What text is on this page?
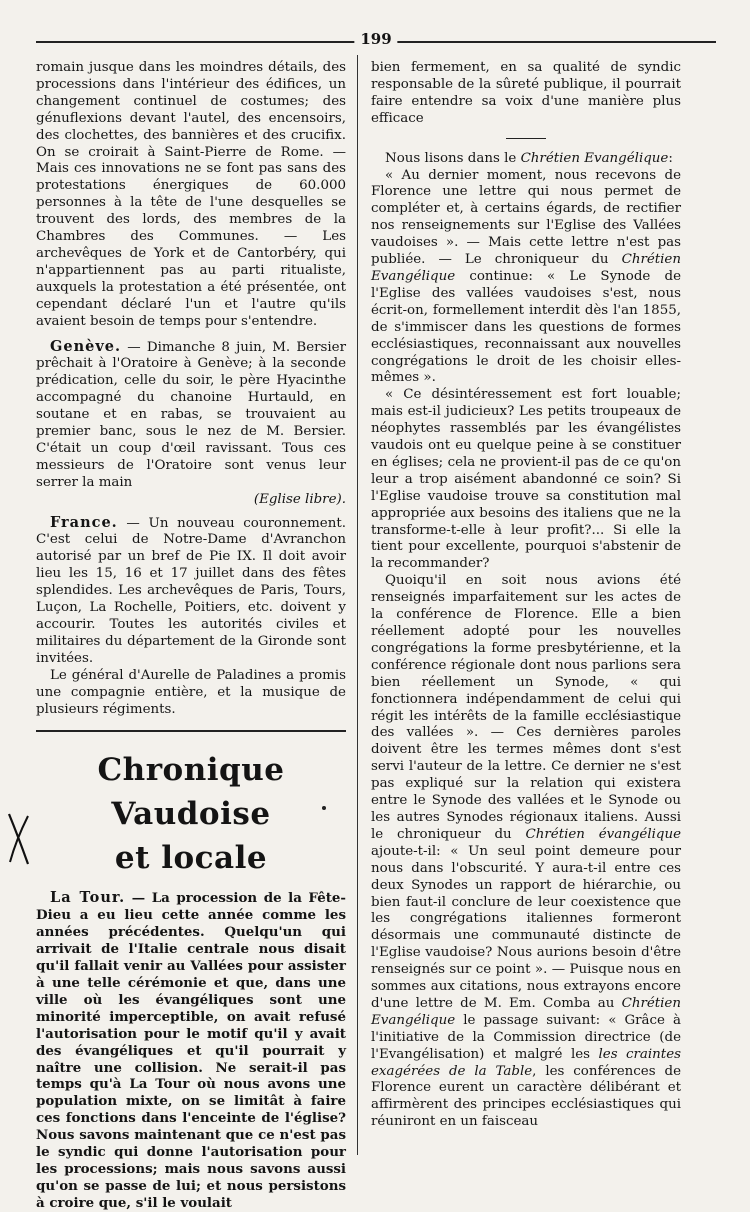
199

romain jusque dans les moindres détails, des processions dans l'intérieur des édifices, un changement continuel de costumes; des génuflexions devant l'autel, des encensoirs, des clochettes, des bannières et des crucifix. On se croirait à Saint-Pierre de Rome. — Mais ces innovations ne se font pas sans des protestations énergiques de 60.000 personnes à la tête de l'une desquelles se trouvent des lords, des membres de la Chambres des Communes. — Les archevêques de York et de Cantorbéry, qui n'appartiennent pas au parti ritualiste, auxquels la protestation a été présentée, ont cependant déclaré l'un et l'autre qu'ils avaient besoin de temps pour s'entendre.

Genève. — Dimanche 8 juin, M. Bersier prêchait à l'Oratoire à Genève; à la seconde prédication, celle du soir, le père Hyacinthe accompagné du chanoine Hurtauld, en soutane et en rabas, se trouvaient au premier banc, sous le nez de M. Bersier. C'était un coup d'œil ravissant. Tous ces messieurs de l'Oratoire sont venus leur serrer la main

(Eglise libre).

France. — Un nouveau couronnement. C'est celui de Notre-Dame d'Avranchon autorisé par un bref de Pie IX. Il doit avoir lieu les 15, 16 et 17 juillet dans des fêtes splendides. Les archevêques de Paris, Tours, Luçon, La Rochelle, Poitiers, etc. doivent y accourir. Toutes les autorités civiles et militaires du département de la Gironde sont invitées.

Le général d'Aurelle de Paladines a promis une compagnie entière, et la musique de plusieurs régiments.

Chronique Vaudoise
et locale

La Tour. — La procession de la Fête-Dieu a eu lieu cette année comme les années précédentes. Quelqu'un qui arrivait de l'Italie centrale nous disait qu'il fallait venir au Vallées pour assister à une telle cérémonie et que, dans une ville où les évangéliques sont une minorité imperceptible, on avait refusé l'autorisation pour le motif qu'il y avait des évangéliques et qu'il pourrait y naître une collision. Ne serait-il pas temps qu'à La Tour où nous avons une population mixte, on se limitât à faire ces fonctions dans l'enceinte de l'église? Nous savons maintenant que ce n'est pas le syndic qui donne l'autorisation pour les processions; mais nous savons aussi qu'on se passe de lui; et nous persistons à croire que, s'il le voulait

bien fermement, en sa qualité de syndic responsable de la sûreté publique, il pourrait faire entendre sa voix d'une manière plus efficace

Nous lisons dans le Chrétien Evangélique:

« Au dernier moment, nous recevons de Florence une lettre qui nous permet de compléter et, à certains égards, de rectifier nos renseignements sur l'Eglise des Vallées vaudoises ». — Mais cette lettre n'est pas publiée. — Le chroniqueur du Chrétien Evangélique continue: « Le Synode de l'Eglise des vallées vaudoises s'est, nous écrit-on, formellement interdit dès l'an 1855, de s'immiscer dans les questions de formes ecclésiastiques, reconnaissant aux nouvelles congrégations le droit de les choisir elles-mêmes ».

« Ce désintéressement est fort louable; mais est-il judicieux? Les petits troupeaux de néophytes rassemblés par les évangélistes vaudois ont eu quelque peine à se constituer en églises; cela ne provient-il pas de ce qu'on leur a trop aisément abandonné ce soin? Si l'Eglise vaudoise trouve sa constitution mal appropriée aux besoins des italiens que ne la transforme-t-elle à leur profit?... Si elle la tient pour excellente, pourquoi s'abstenir de la recommander?

Quoiqu'il en soit nous avions été renseignés imparfaitement sur les actes de la conférence de Florence. Elle a bien réellement adopté pour les nouvelles congrégations la forme presbytérienne, et la conférence régionale dont nous parlions sera bien réellement un Synode, « qui fonctionnera indépendamment de celui qui régit les intérêts de la famille ecclésiastique des vallées ». — Ces dernières paroles doivent être les termes mêmes dont s'est servi l'auteur de la lettre. Ce dernier ne s'est pas expliqué sur la relation qui existera entre le Synode des vallées et le Synode ou les autres Synodes régionaux italiens. Aussi le chroniqueur du Chrétien évangélique ajoute-t-il: « Un seul point demeure pour nous dans l'obscurité. Y aura-t-il entre ces deux Synodes un rapport de hiérarchie, ou bien faut-il conclure de leur coexistence que les congrégations italiennes formeront désormais une communauté distincte de l'Eglise vaudoise? Nous aurions besoin d'être renseignés sur ce point ». — Puisque nous en sommes aux citations, nous extrayons encore d'une lettre de M. Em. Comba au Chrétien Evangélique le passage suivant: « Grâce à l'initiative de la Commission directrice (de l'Evangélisation) et malgré les les craintes exagérées de la Table, les conférences de Florence eurent un caractère délibérant et affirmèrent des principes ecclésiastiques qui réuniront en un faisceau
